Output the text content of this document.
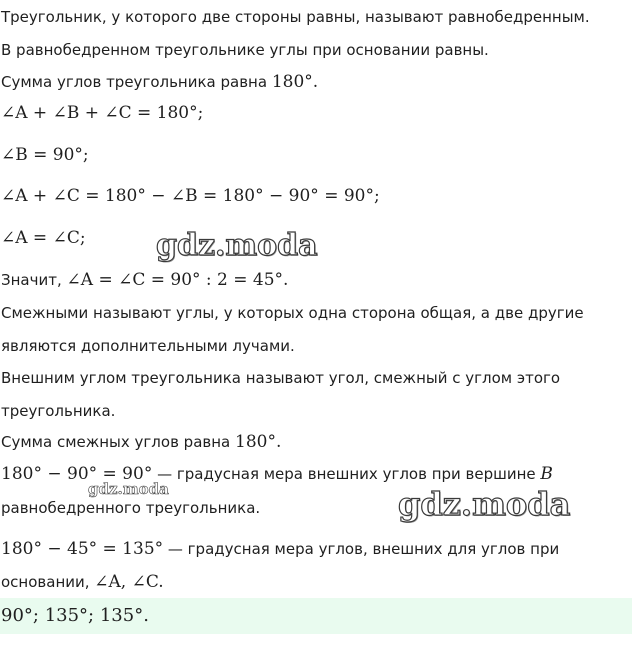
Треугольник, у которого две стороны равны, называют равнобедренным.
В равнобедренном треугольнике углы при основании равны.
Сумма углов треугольника равна 180°.
∠A + ∠B + ∠C = 180°;
∠B = 90°;
∠A + ∠C = 180° − ∠B = 180° − 90° = 90°;
∠A = ∠C;
Значит, ∠A = ∠C = 90° : 2 = 45°.
Смежными называют углы, у которых одна сторона общая, а две другие
являются дополнительными лучами.
Внешним углом треугольника называют угол, смежный с углом этого
треугольника.
Сумма смежных углов равна 180°.
180° − 90° = 90° — градусная мера внешних углов при вершине B
равнобедренного треугольника.
180° − 45° = 135° — градусная мера углов, внешних для углов при
основании, ∠A, ∠C.
90°; 135°; 135°.
gdz.moda
gdz.moda	gdz.moda
